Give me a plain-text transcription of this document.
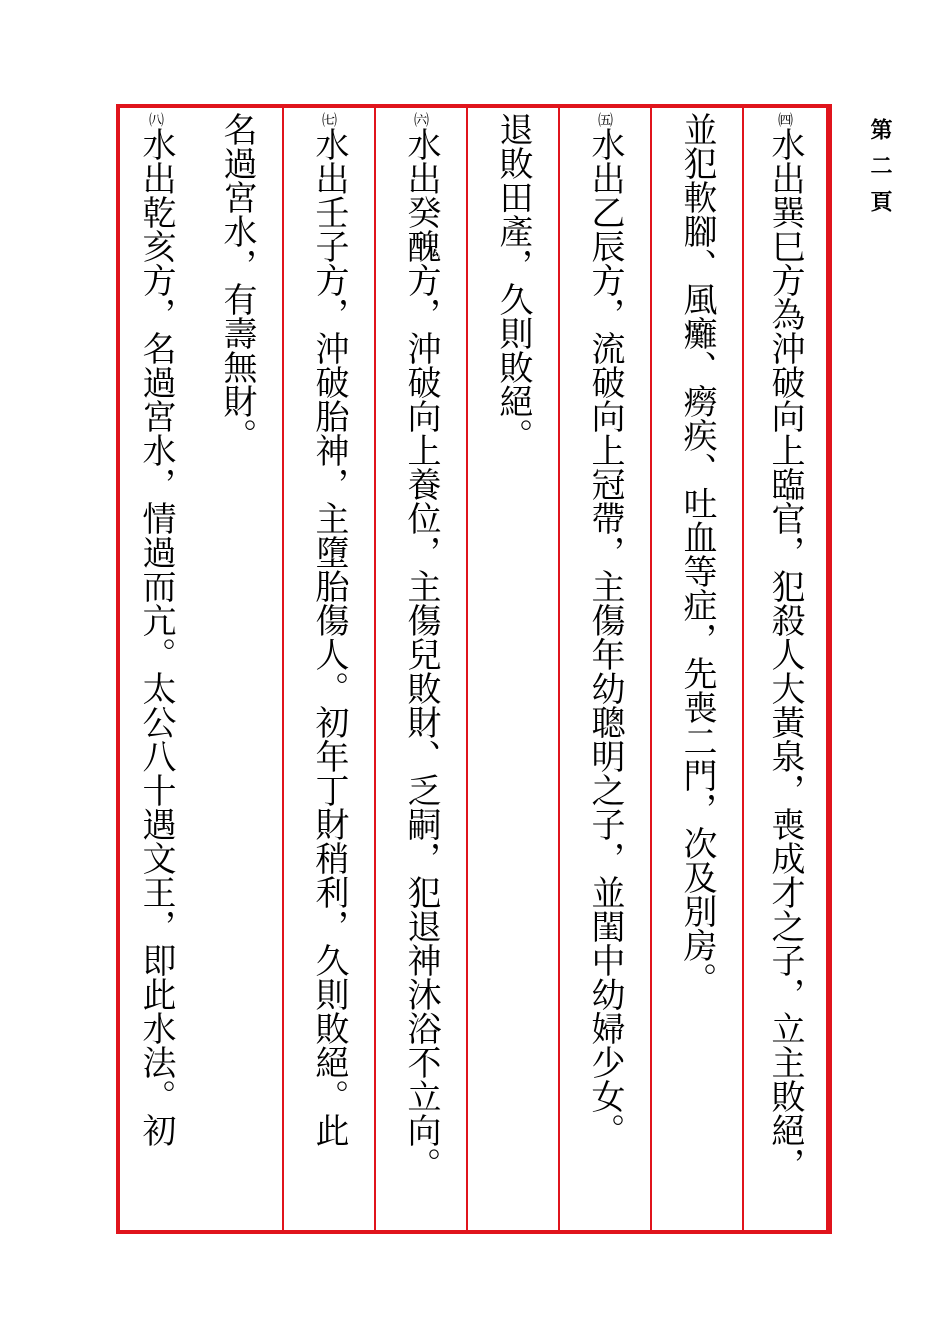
第二頁
㈣水出巽巳方為沖破向上臨官，犯殺人大黃泉，喪成才之子，立主敗絕，
並犯軟腳、風癱、癆疾、吐血等症，先喪二門，次及別房。
㈤水出乙辰方，流破向上冠帶，主傷年幼聰明之子，並閨中幼婦少女。
退敗田產，久則敗絕。
㈥水出癸醜方，沖破向上養位，主傷兒敗財、乏嗣，犯退神沐浴不立向。
㈦水出壬子方，沖破胎神，主墮胎傷人。初年丁財稍利，久則敗絕。此
名過宮水，有壽無財。
㈧水出乾亥方，名過宮水，情過而亢。太公八十遇文王，即此水法。初
